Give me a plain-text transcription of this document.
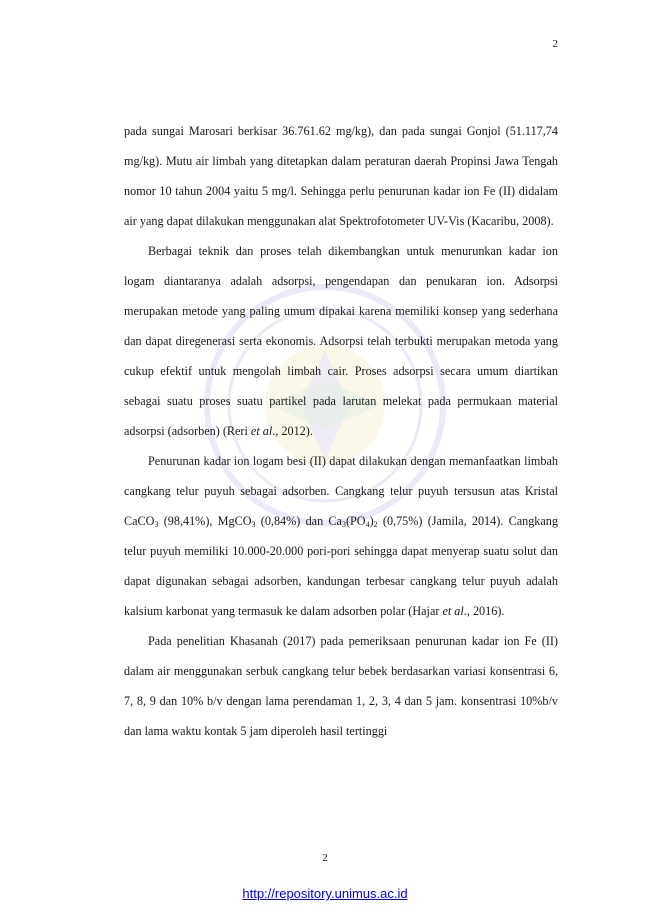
2

pada sungai Marosari berkisar 36.761.62 mg/kg), dan pada sungai Gonjol (51.117,74 mg/kg). Mutu air limbah yang ditetapkan dalam peraturan daerah Propinsi Jawa Tengah nomor 10 tahun 2004 yaitu 5 mg/l. Sehingga perlu penurunan kadar ion Fe (II) didalam air yang dapat dilakukan menggunakan alat Spektrofotometer UV-Vis (Kacaribu, 2008).

Berbagai teknik dan proses telah dikembangkan untuk menurunkan kadar ion logam diantaranya adalah adsorpsi, pengendapan dan penukaran ion. Adsorpsi merupakan metode yang paling umum dipakai karena memiliki konsep yang sederhana dan dapat diregenerasi serta ekonomis. Adsorpsi telah terbukti merupakan metoda yang cukup efektif untuk mengolah limbah cair. Proses adsorpsi secara umum diartikan sebagai suatu proses suatu partikel pada larutan melekat pada permukaan material adsorpsi (adsorben) (Reri et al., 2012).

Penurunan kadar ion logam besi (II) dapat dilakukan dengan memanfaatkan limbah cangkang telur puyuh sebagai adsorben. Cangkang telur puyuh tersusun atas Kristal CaCO$_3$ (98,41%), MgCO$_3$ (0,84%) dan $Ca_3(PO_4)_2$ (0,75%) (Jamila, 2014). Cangkang telur puyuh memiliki 10.000-20.000 pori-pori sehingga dapat menyerap suatu solut dan dapat digunakan sebagai adsorben, kandungan terbesar cangkang telur puyuh adalah kalsium karbonat yang termasuk ke dalam adsorben polar (Hajar et al., 2016).

Pada penelitian Khasanah (2017) pada pemeriksaan penurunan kadar ion Fe (II) dalam air menggunakan serbuk cangkang telur bebek berdasarkan variasi konsentrasi 6, 7, 8, 9 dan 10% b/v dengan lama perendaman 1, 2, 3, 4 dan 5 jam. konsentrasi 10%b/v dan lama waktu kontak 5 jam diperoleh hasil tertinggi

2
http://repository.unimus.ac.id
